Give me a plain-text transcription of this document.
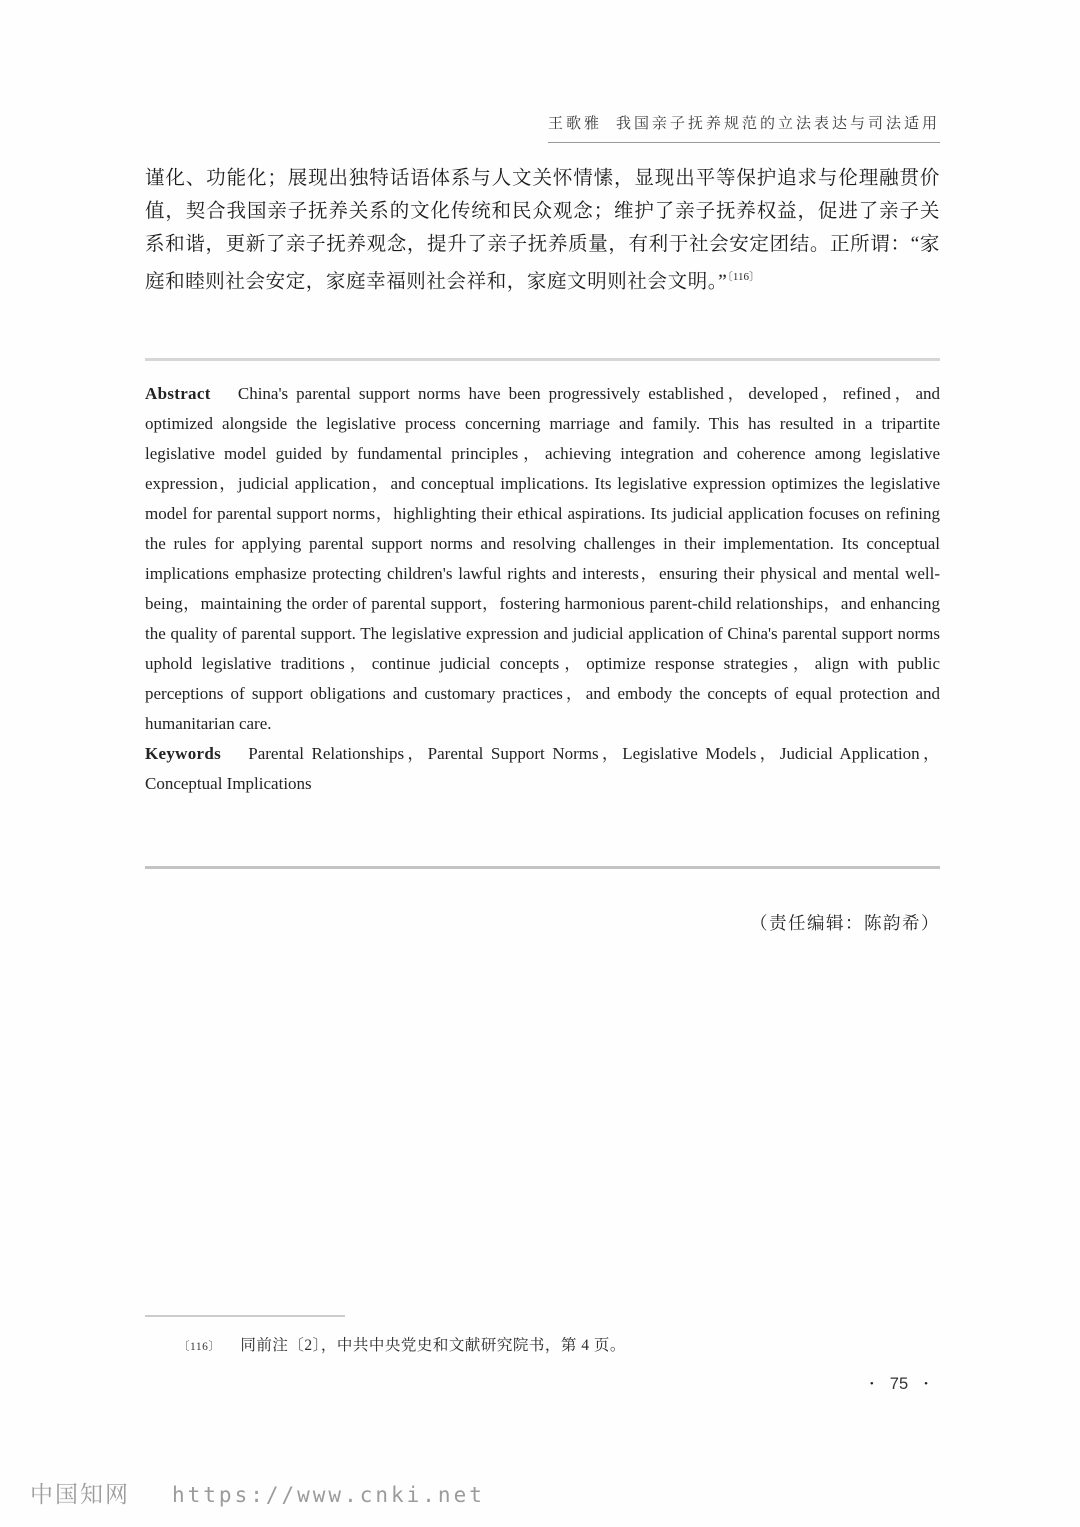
王歌雅 我国亲子抚养规范的立法表达与司法适用
谨化、功能化；展现出独特话语体系与人文关怀情愫，显现出平等保护追求与伦理融贯价值，契合我国亲子抚养关系的文化传统和民众观念；维护了亲子抚养权益，促进了亲子关系和谐，更新了亲子抚养观念，提升了亲子抚养质量，有利于社会安定团结。正所谓：“家庭和睦则社会安定，家庭幸福则社会祥和，家庭文明则社会文明。”$^{〔116〕}$

Abstract China's parental support norms have been progressively established，developed，refined，and optimized alongside the legislative process concerning marriage and family. This has resulted in a tripartite legislative model guided by fundamental principles，achieving integration and coherence among legislative expression，judicial application，and conceptual implications. Its legislative expression optimizes the legislative model for parental support norms，highlighting their ethical aspirations. Its judicial application focuses on refining the rules for applying parental support norms and resolving challenges in their implementation. Its conceptual implications emphasize protecting children's lawful rights and interests，ensuring their physical and mental well-being，maintaining the order of parental support，fostering harmonious parent-child relationships，and enhancing the quality of parental support. The legislative expression and judicial application of China's parental support norms uphold legislative traditions，continue judicial concepts，optimize response strategies，align with public perceptions of support obligations and customary practices，and embody the concepts of equal protection and humanitarian care.

Keywords Parental Relationships，Parental Support Norms，Legislative Models，Judicial Application，Conceptual Implications

（责任编辑：陈韵希）
〔116〕 同前注〔2〕，中共中央党史和文献研究院书，第 4 页。
• 75 •
中国知网 https://www.cnki.net
